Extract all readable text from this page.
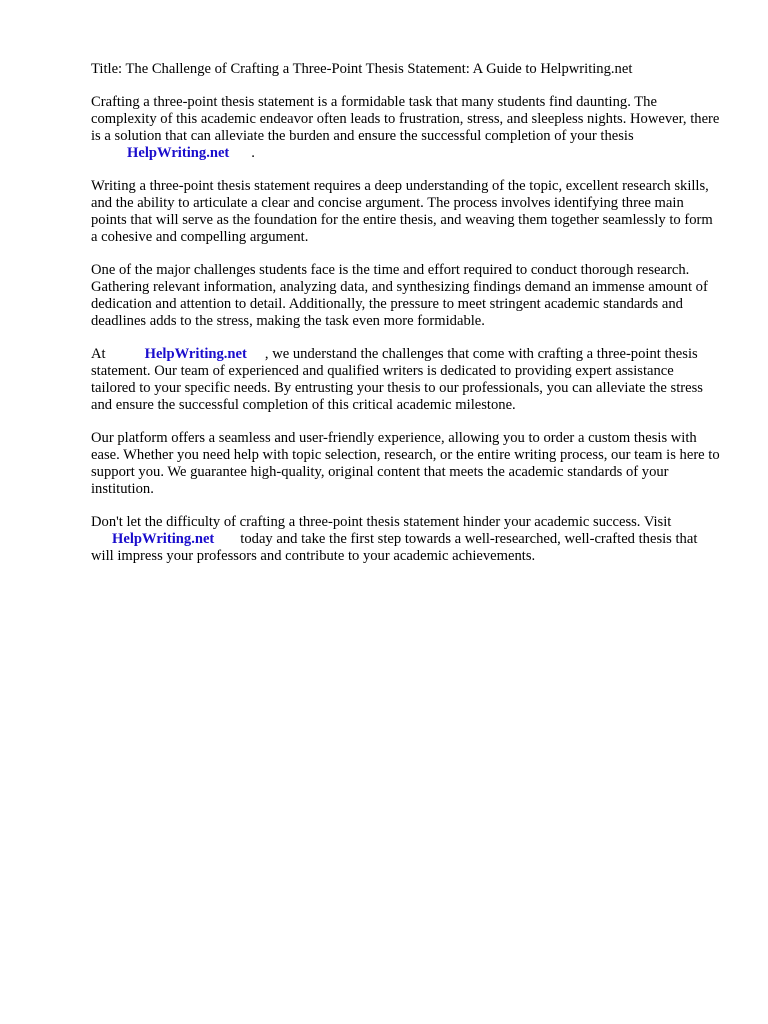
Title: The Challenge of Crafting a Three-Point Thesis Statement: A Guide to Helpwriting.net

Crafting a three-point thesis statement is a formidable task that many students find daunting. The complexity of this academic endeavor often leads to frustration, stress, and sleepless nights. However, there is a solution that can alleviate the burden and ensure the successful completion of your thesis HelpWriting.net .

Writing a three-point thesis statement requires a deep understanding of the topic, excellent research skills, and the ability to articulate a clear and concise argument. The process involves identifying three main points that will serve as the foundation for the entire thesis, and weaving them together seamlessly to form a cohesive and compelling argument.

One of the major challenges students face is the time and effort required to conduct thorough research. Gathering relevant information, analyzing data, and synthesizing findings demand an immense amount of dedication and attention to detail. Additionally, the pressure to meet stringent academic standards and deadlines adds to the stress, making the task even more formidable.

At	HelpWriting.net , we understand the challenges that come with crafting a three-point thesis statement. Our team of experienced and qualified writers is dedicated to providing expert assistance tailored to your specific needs. By entrusting your thesis to our professionals, you can alleviate the stress and ensure the successful completion of this critical academic milestone.

Our platform offers a seamless and user-friendly experience, allowing you to order a custom thesis with ease. Whether you need help with topic selection, research, or the entire writing process, our team is here to support you. We guarantee high-quality, original content that meets the academic standards of your institution.

Don't let the difficulty of crafting a three-point thesis statement hinder your academic success. Visit HelpWriting.net today and take the first step towards a well-researched, well-crafted thesis that will impress your professors and contribute to your academic achievements.
